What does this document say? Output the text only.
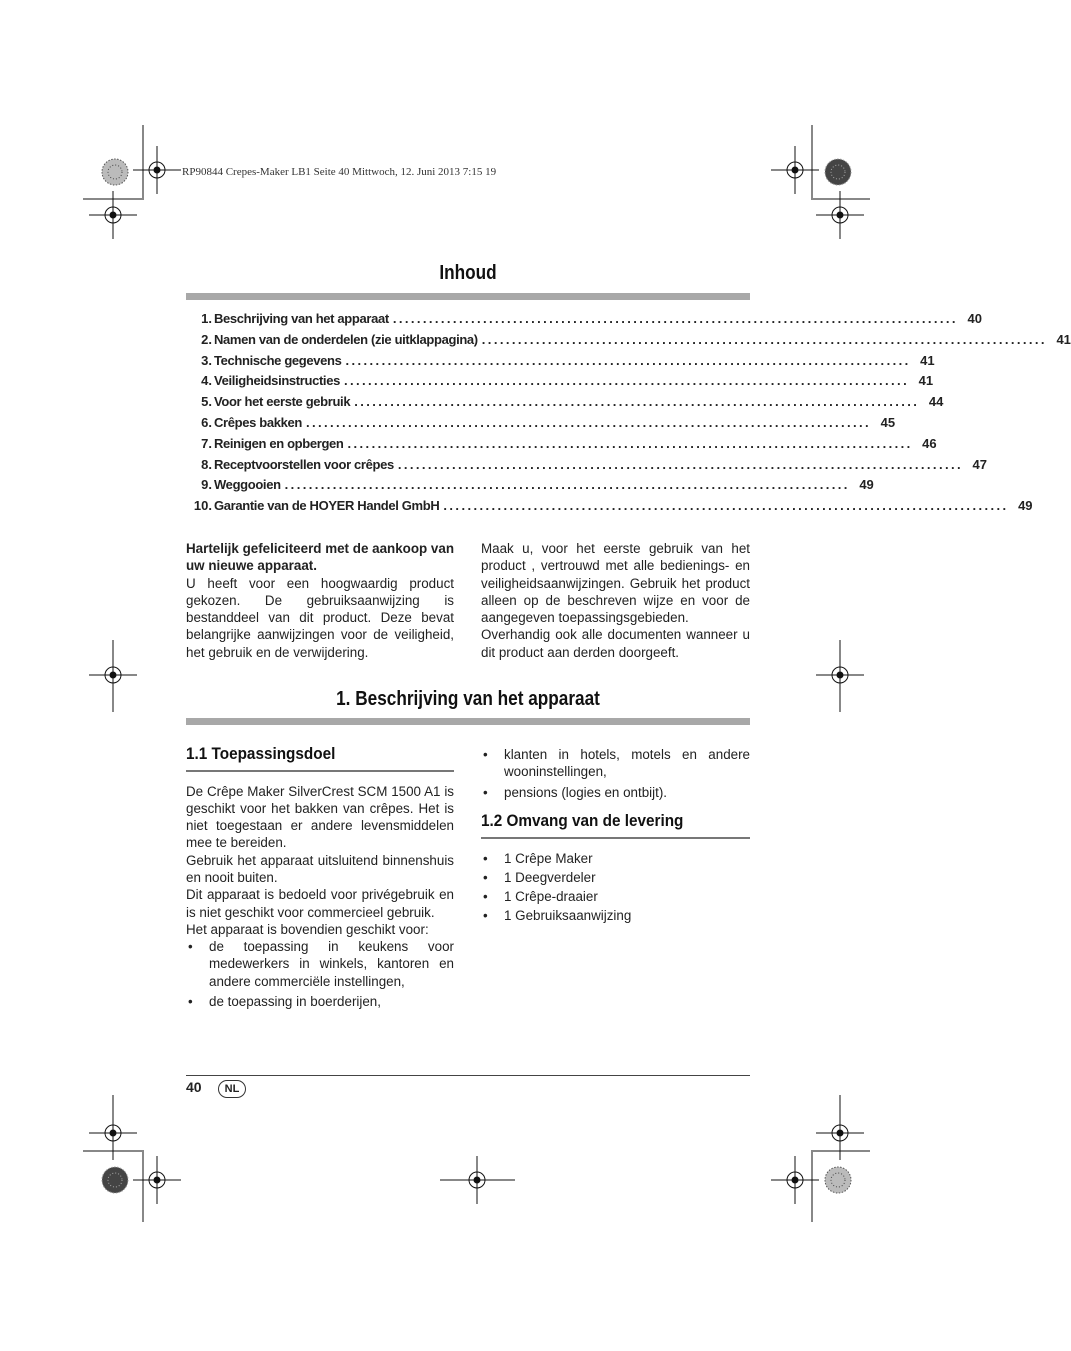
RP90844 Crepes-Maker LB1 Seite 40 Mittwoch, 12. Juni 2013 7:15 19
Inhoud
1. Beschrijving van het apparaat .............................................................................................. 40
2. Namen van de onderdelen (zie uitklappagina) .............................................................................................. 41
3. Technische gegevens .............................................................................................. 41
4. Veiligheidsinstructies .............................................................................................. 41
5. Voor het eerste gebruik .............................................................................................. 44
6. Crêpes bakken .............................................................................................. 45
7. Reinigen en opbergen .............................................................................................. 46
8. Receptvoorstellen voor crêpes .............................................................................................. 47
9. Weggooien .............................................................................................. 49
10. Garantie van de HOYER Handel GmbH .............................................................................................. 49

Hartelijk gefeliciteerd met de aankoop van uw nieuwe apparaat.

U heeft voor een hoogwaardig product gekozen. De gebruiksaanwijzing is bestanddeel van dit product. Deze bevat belangrijke aanwijzingen voor de veiligheid, het gebruik en de verwijdering.

Maak u, voor het eerste gebruik van het product , vertrouwd met alle bedienings- en veiligheidsaanwijzingen. Gebruik het product alleen op de beschreven wijze en voor de aangegeven toepassingsgebieden.

Overhandig ook alle documenten wanneer u dit product aan derden doorgeeft.

1. Beschrijving van het apparaat
1.1 Toepassingsdoel

De Crêpe Maker SilverCrest SCM 1500 A1 is geschikt voor het bakken van crêpes. Het is niet toegestaan er andere levensmiddelen mee te bereiden.

Gebruik het apparaat uitsluitend binnenshuis en nooit buiten.

Dit apparaat is bedoeld voor privégebruik en is niet geschikt voor commercieel gebruik.

Het apparaat is bovendien geschikt voor:

• de toepassing in keukens voor medewerkers in winkels, kantoren en andere commerciële instellingen,
• de toepassing in boerderijen,
• klanten in hotels, motels en andere wooninstellingen,
• pensions (logies en ontbijt).
1.2 Omvang van de levering
• 1 Crêpe Maker
• 1 Deegverdeler
• 1 Crêpe-draaier
• 1 Gebruiksaanwijzing
40	NL
